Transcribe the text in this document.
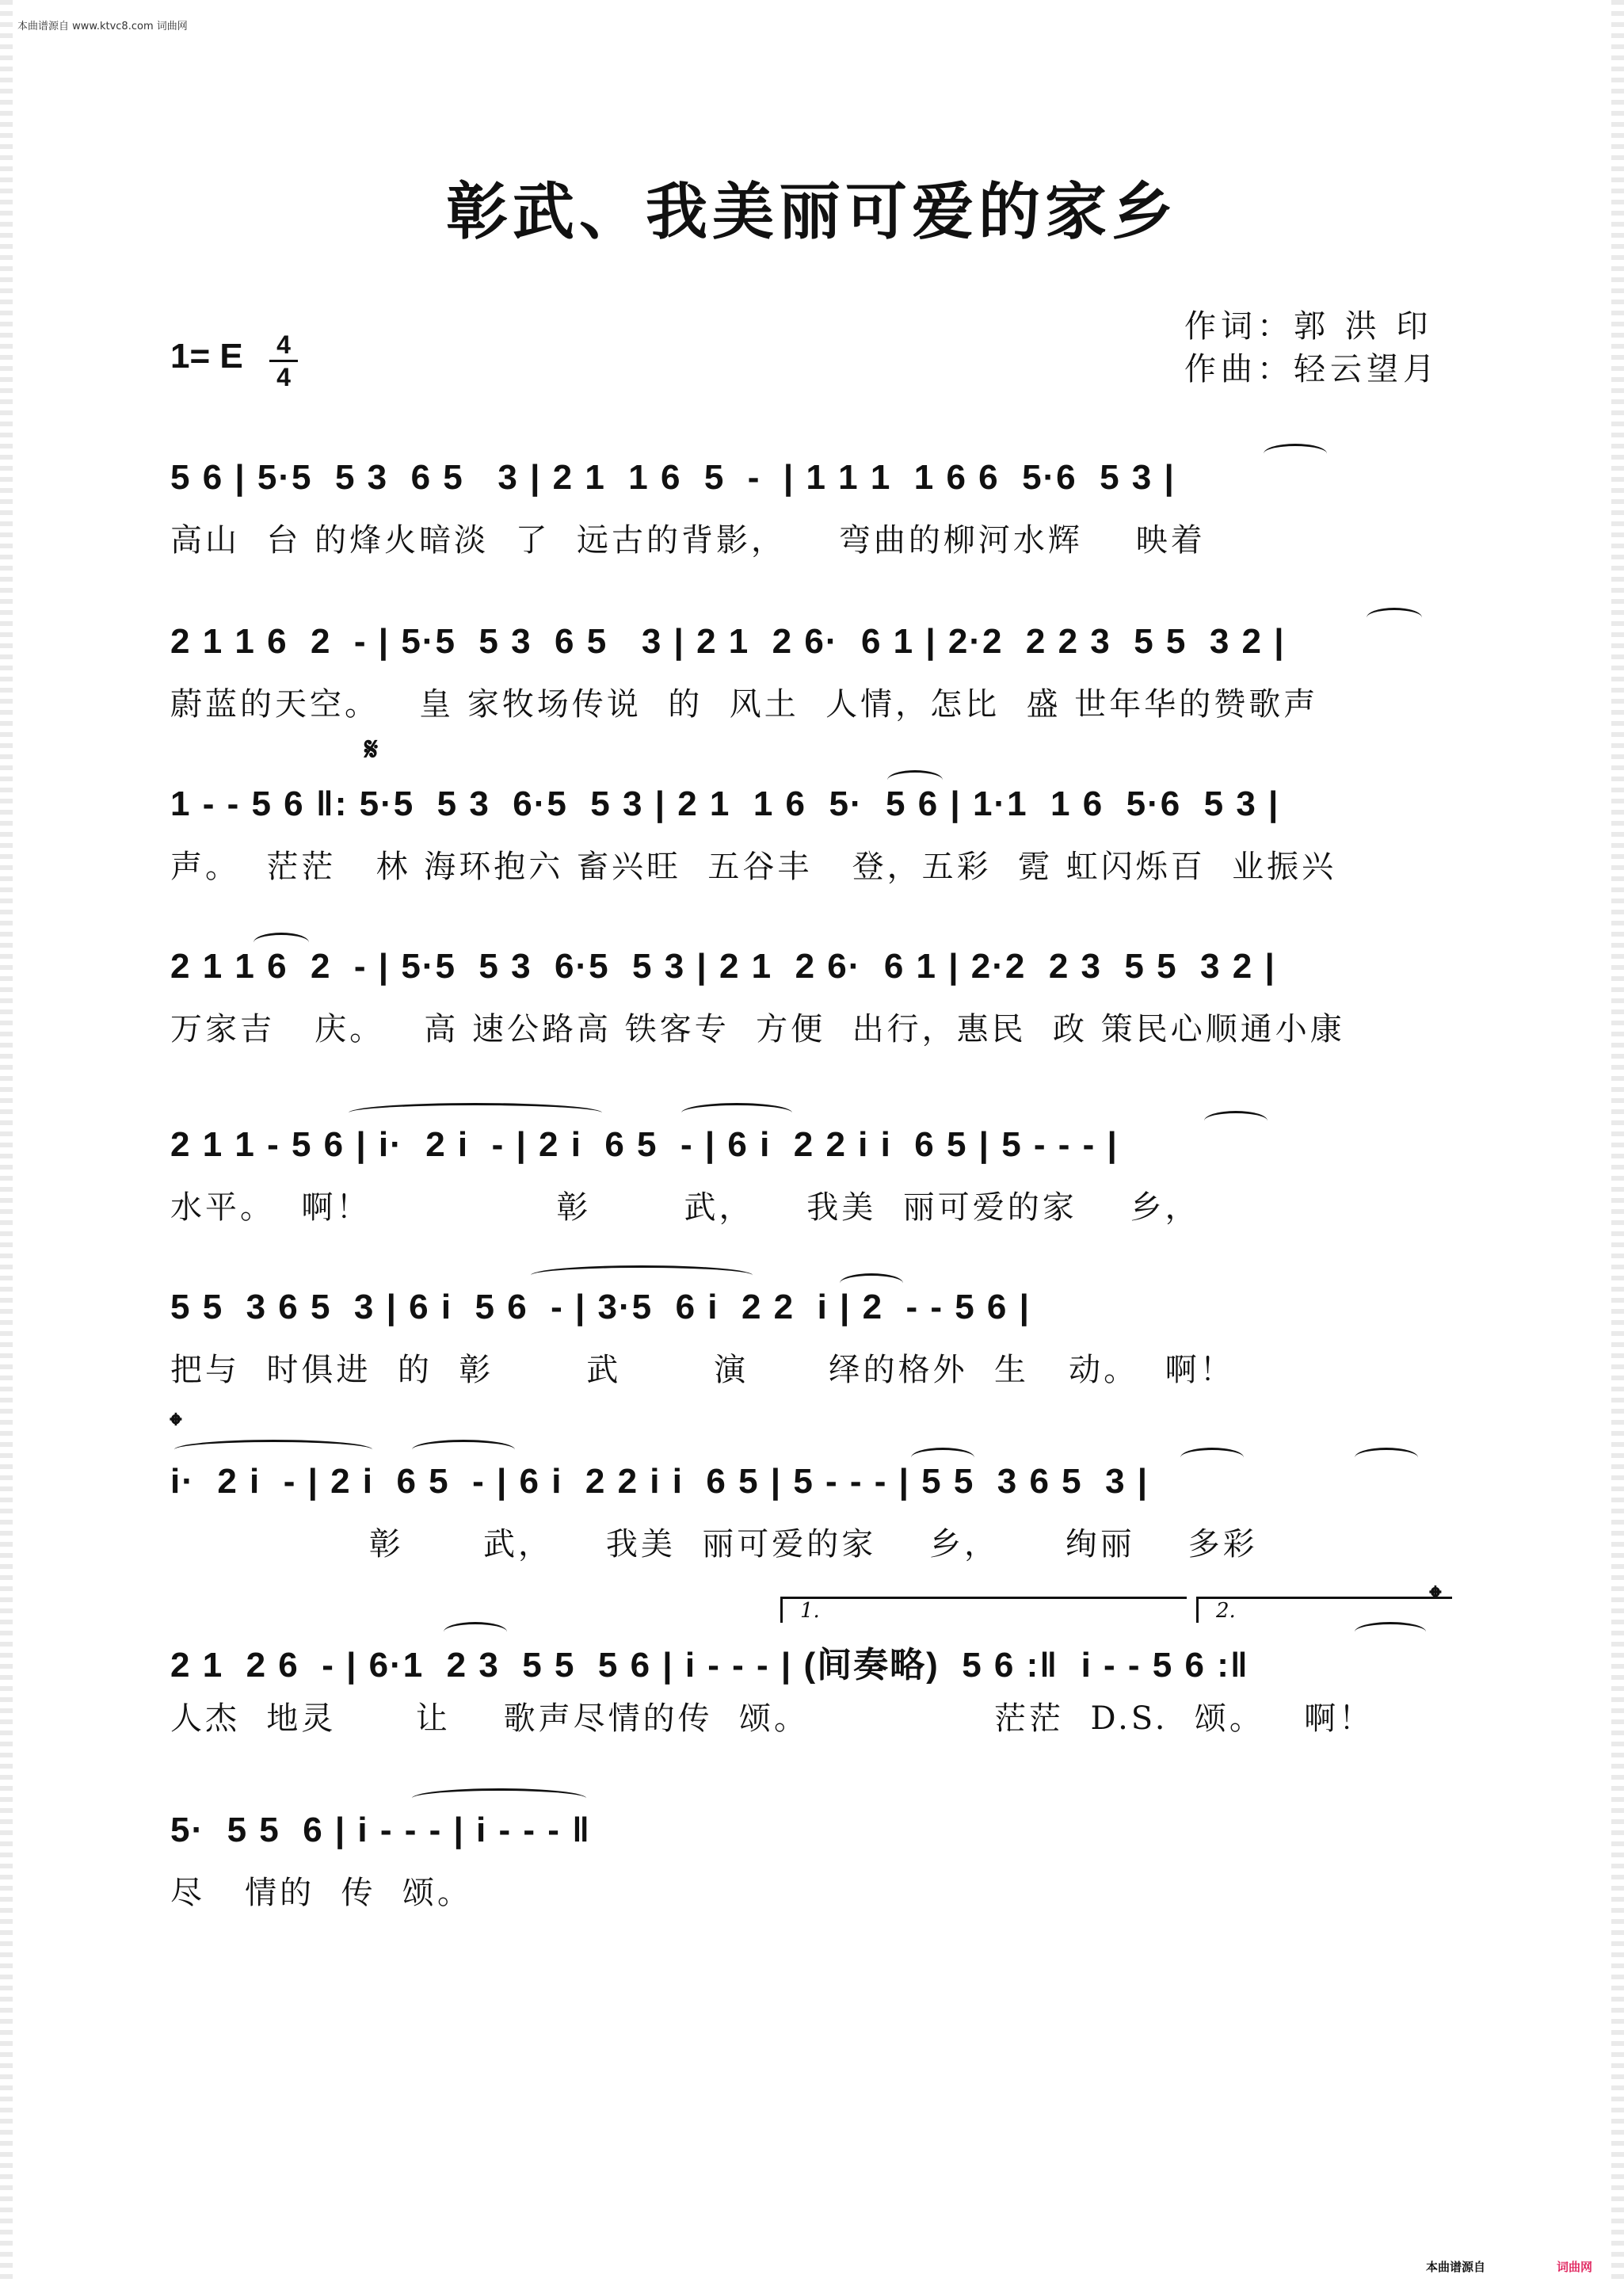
本曲谱源自 www.ktvc8.com 词曲网
彰武、我美丽可爱的家乡
作词：郭 洪 印
作曲：轻云望月
1= E 4
4
5 6 | 5·5  5 3  6 5   3 | 2 1  1 6  5  -  | 1 1 1  1 6 6  5·6  5 3 |
高山  台 的烽火暗淡  了  远古的背影，    弯曲的柳河水辉    映着
2 1 1 6  2  - | 5·5  5 3  6 5   3 | 2 1  2 6·  6 1 | 2·2  2 2 3  5 5  3 2 |
蔚蓝的天空。   皇 家牧场传说  的  风土  人情，怎比  盛 世年华的赞歌声
𝄋
1 - - 5 6 ‖: 5·5  5 3  6·5  5 3 | 2 1  1 6  5·  5 6 | 1·1  1 6  5·6  5 3 |
声。  茫茫   林 海环抱六 畜兴旺  五谷丰   登，五彩  霓 虹闪烁百  业振兴
2 1 1 6  2  - | 5·5  5 3  6·5  5 3 | 2 1  2 6·  6 1 | 2·2  2 3  5 5  3 2 |
万家吉   庆。   高 速公路高 铁客专  方便  出行，惠民  政 策民心顺通小康
2 1 1 - 5 6 | i·  2 i  - | 2 i  6 5  - | 6 i  2 2 i i  6 5 | 5 - - - |
水平。  啊！              彰       武，    我美  丽可爱的家    乡，
5 5  3 6 5  3 | 6 i  5 6  - | 3·5  6 i  2 2  i | 2  - - 5 6 |
把与  时俱进  的  彰       武       演      绎的格外  生   动。  啊！
𝄌
i·  2 i  - | 2 i  6 5  - | 6 i  2 2 i i  6 5 | 5 - - - | 5 5  3 6 5  3 |
彰      武，    我美  丽可爱的家    乡，     绚丽    多彩
1.	2.	𝄌
2 1  2 6  - | 6·1  2 3  5 5  5 6 | i - - - | (间奏略)  5 6 :‖  i - - 5 6 :‖
人杰  地灵      让    歌声尽情的传  颂。              茫茫  D.S.  颂。   啊！
5·  5 5  6 | i - - - | i - - - ‖
尽   情的  传  颂。
本曲谱源自	词曲网
